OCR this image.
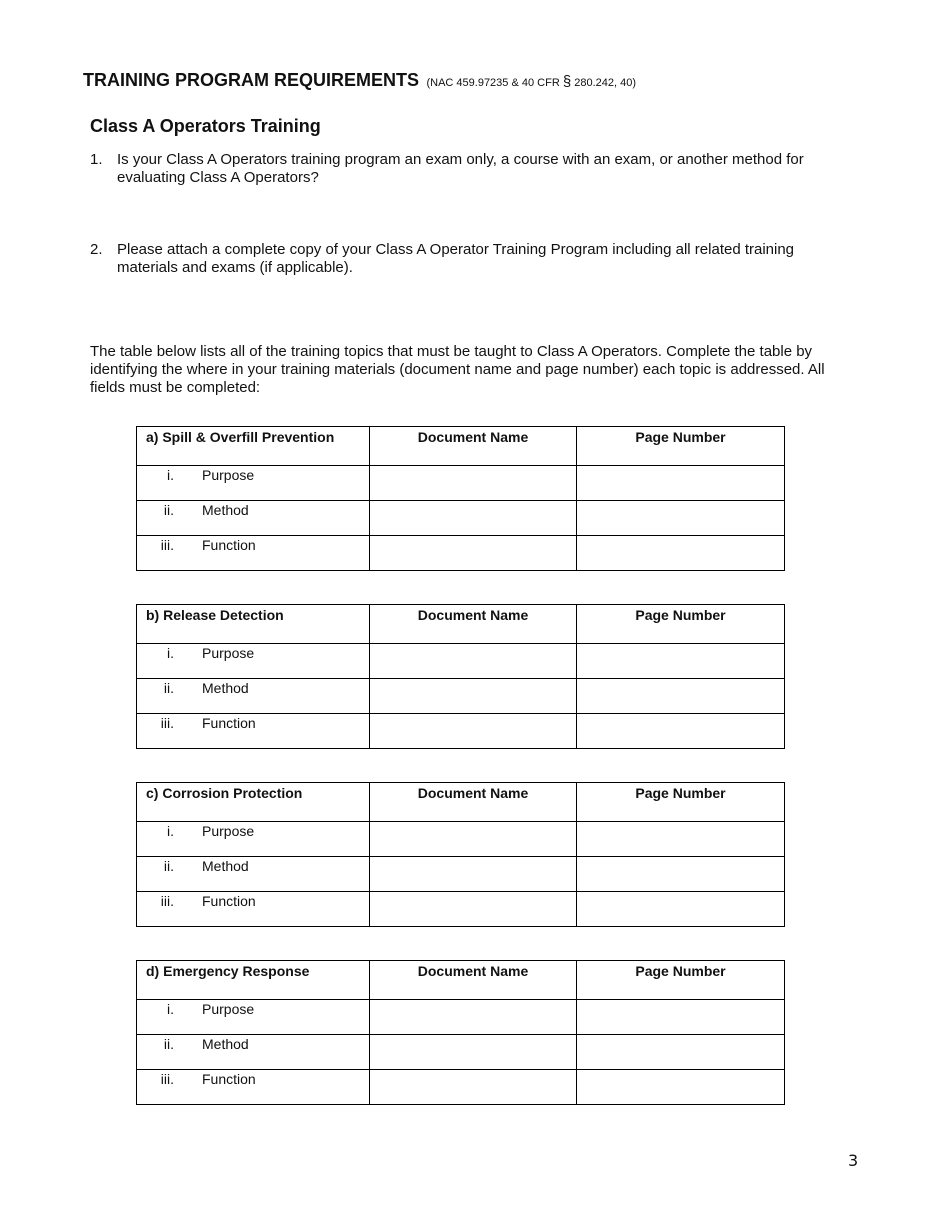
TRAINING PROGRAM REQUIREMENTS (NAC 459.97235 & 40 CFR § 280.242, 40)
Class A Operators Training
1. Is your Class A Operators training program an exam only, a course with an exam, or another method for evaluating Class A Operators?
2. Please attach a complete copy of your Class A Operator Training Program including all related training materials and exams (if applicable).
The table below lists all of the training topics that must be taught to Class A Operators. Complete the table by identifying the where in your training materials (document name and page number) each topic is addressed. All fields must be completed:
a) Spill & Overfill Prevention	Document Name	Page Number

i. Purpose		

ii. Method		

iii. Function		

b) Release Detection	Document Name	Page Number

i. Purpose		

ii. Method		

iii. Function		

c) Corrosion Protection	Document Name	Page Number

i. Purpose		

ii. Method		

iii. Function		

d) Emergency Response	Document Name	Page Number

i. Purpose		

ii. Method		

iii. Function		

3
